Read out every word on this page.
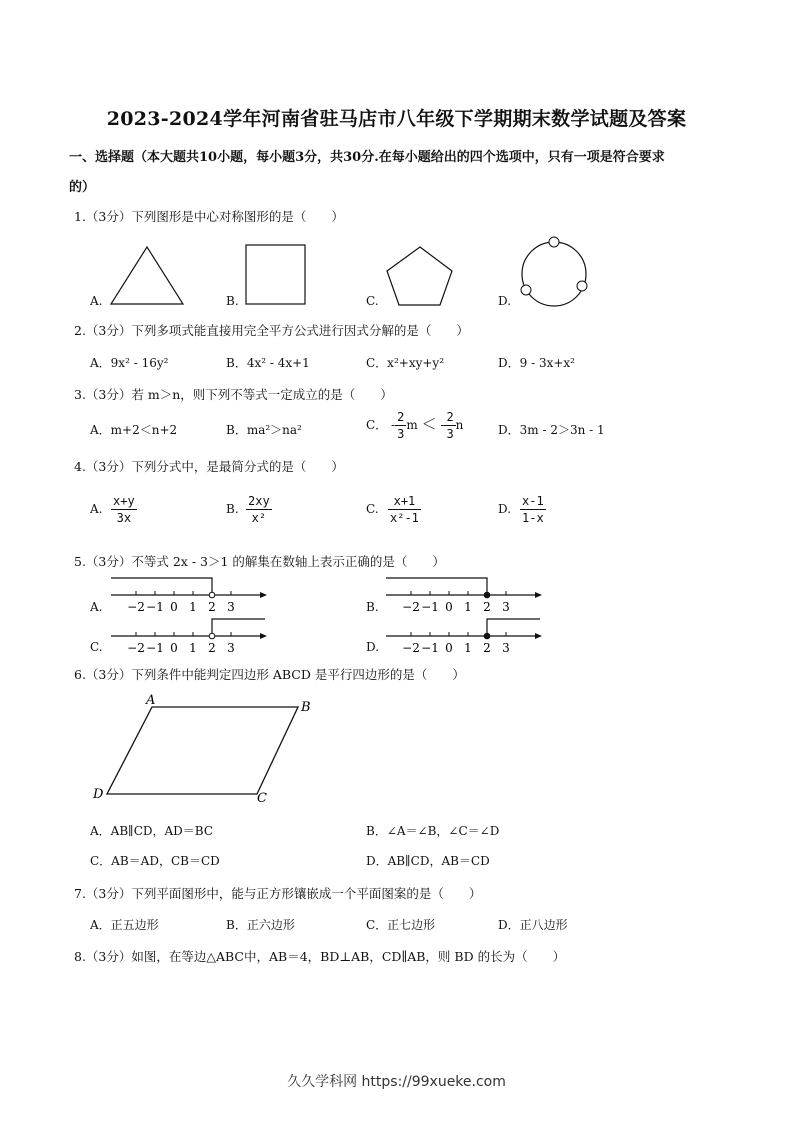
2023-2024学年河南省驻马店市八年级下学期期末数学试题及答案
一、选择题（本大题共10小题，每小题3分，共30分.在每小题给出的四个选项中，只有一项是符合要求
的）
1.（3分）下列图形是中心对称图形的是（　　）
A.	B.	C.	D.
2.（3分）下列多项式能直接用完全平方公式进行因式分解的是（　　）
A．9x² - 16y²	B．4x² - 4x+1	C．x²+xy+y²	D．9 - 3x+x²
3.（3分）若 m＞n，则下列不等式一定成立的是（　　）
A．m+2＜n+2	B．ma²＞na²	C． - $\frac{2}{3}$ m ＜ - $\frac{2}{3}$ n	D．3m - 2＞3n - 1
4.（3分）下列分式中，是最简分式的是（　　）
A. $\frac{x+y}{3x}$	B. $\frac{2xy}{\text{x²}}$	C. $\frac{x+1}{\text{x²-1}}$	D. $\frac{x-1}{1-x}$
5.（3分）不等式 2x - 3＞1 的解集在数轴上表示正确的是（　　）
A.	B.
C.	D.
−2 −1 0 1 2 3	−2 −1 0 1 2 3
−2 −1 0 1 2 3	−2 −1 0 1 2 3
6.（3分）下列条件中能判定四边形 ABCD 是平行四边形的是（　　）
A	B
C
D
A．AB∥CD，AD＝BC	B．∠A＝∠B，∠C＝∠D
C．AB＝AD，CB＝CD	D．AB∥CD，AB＝CD
7.（3分）下列平面图形中，能与正方形镶嵌成一个平面图案的是（　　）
A．正五边形	B．正六边形	C．正七边形	D．正八边形
8.（3分）如图，在等边△ABC中，AB＝4，BD⊥AB，CD∥AB，则 BD 的长为（　　）
久久学科网 https://99xueke.com
